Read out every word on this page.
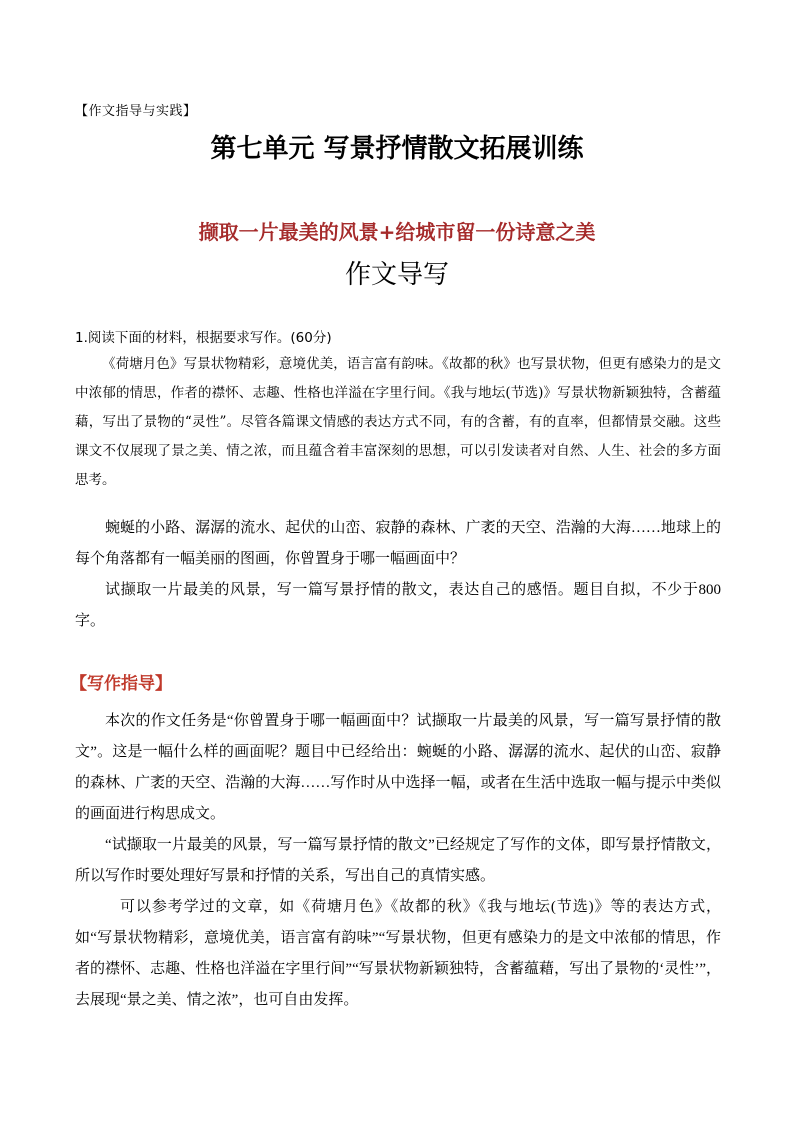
【作文指导与实践】
第七单元 写景抒情散文拓展训练
撷取一片最美的风景+给城市留一份诗意之美
作文导写
1.阅读下面的材料，根据要求写作。(60分)

《荷塘月色》写景状物精彩，意境优美，语言富有韵味。《故都的秋》也写景状物，但更有感染力的是文中浓郁的情思，作者的襟怀、志趣、性格也洋溢在字里行间。《我与地坛(节选)》写景状物新颖独特，含蓄蕴藉，写出了景物的“灵性”。尽管各篇课文情感的表达方式不同，有的含蓄，有的直率，但都情景交融。这些课文不仅展现了景之美、情之浓，而且蕴含着丰富深刻的思想，可以引发读者对自然、人生、社会的多方面思考。

蜿蜒的小路、潺潺的流水、起伏的山峦、寂静的森林、广袤的天空、浩瀚的大海……地球上的每个角落都有一幅美丽的图画，你曾置身于哪一幅画面中？

试撷取一片最美的风景，写一篇写景抒情的散文，表达自己的感悟。题目自拟，不少于800字。

【写作指导】

本次的作文任务是“你曾置身于哪一幅画面中？试撷取一片最美的风景，写一篇写景抒情的散文”。这是一幅什么样的画面呢？题目中已经给出：蜿蜒的小路、潺潺的流水、起伏的山峦、寂静的森林、广袤的天空、浩瀚的大海……写作时从中选择一幅，或者在生活中选取一幅与提示中类似的画面进行构思成文。

“试撷取一片最美的风景，写一篇写景抒情的散文”已经规定了写作的文体，即写景抒情散文，所以写作时要处理好写景和抒情的关系，写出自己的真情实感。

可以参考学过的文章，如《荷塘月色》《故都的秋》《我与地坛(节选)》等的表达方式，如“写景状物精彩，意境优美，语言富有韵味”“写景状物，但更有感染力的是文中浓郁的情思，作者的襟怀、志趣、性格也洋溢在字里行间”“写景状物新颖独特，含蓄蕴藉，写出了景物的‘灵性’”，去展现“景之美、情之浓”，也可自由发挥。
